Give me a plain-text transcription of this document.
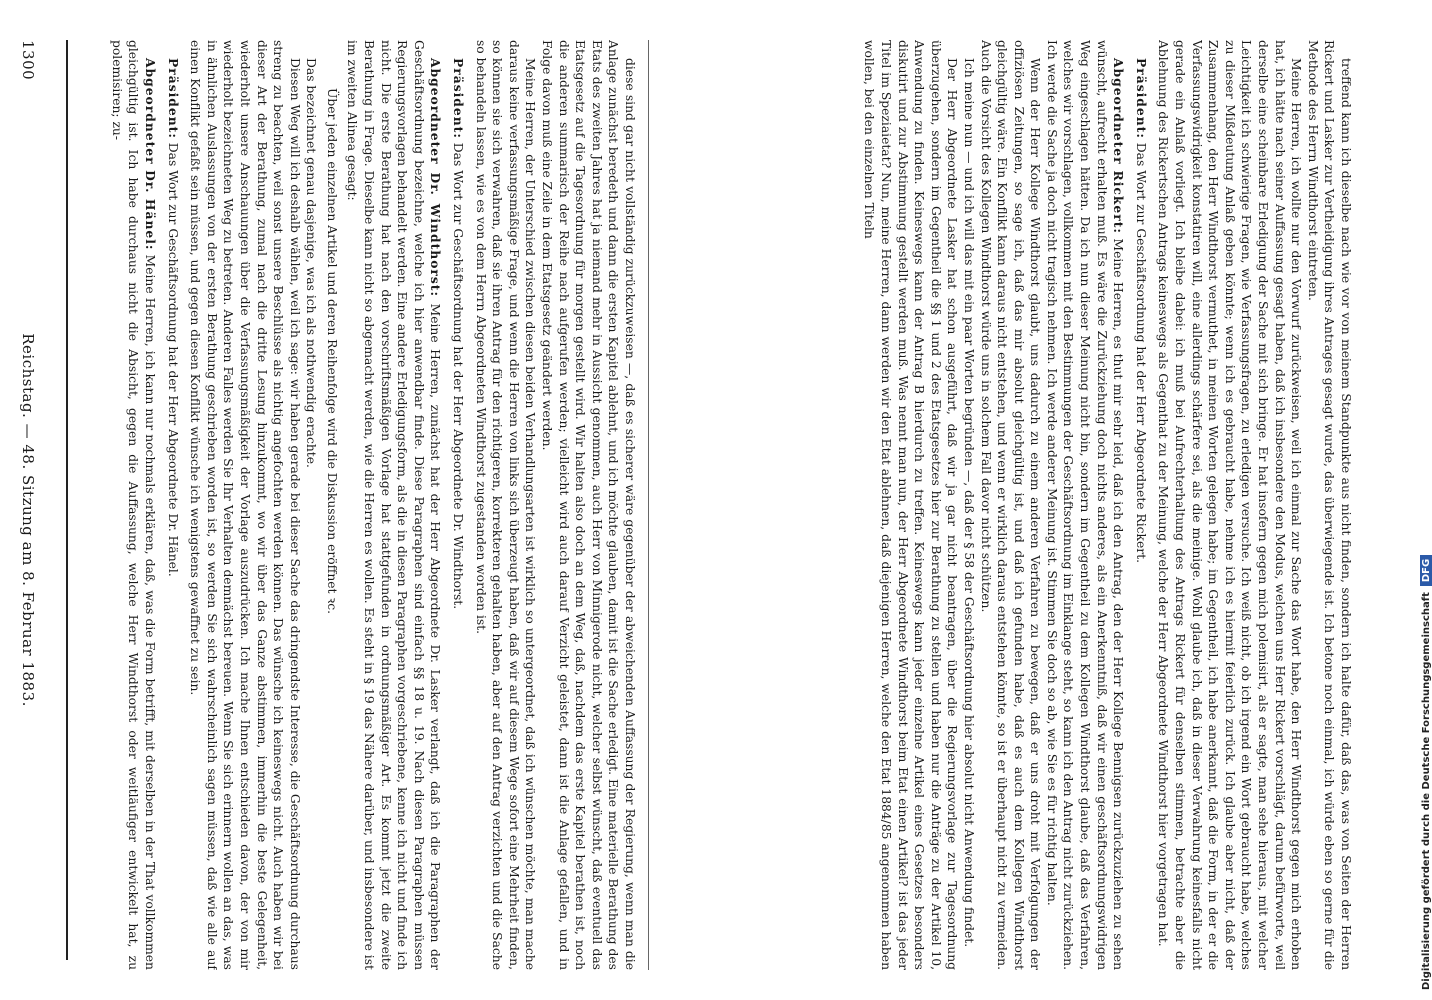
1300
Reichstag. — 48. Sitzung am 8. Februar 1883.	diese sind gar nicht vollständig zurückzuweisen —, daß es sicherer wäre gegenüber der abweichenden Auffassung der Regierung, wenn man die Anlage zunächst beredeth und dann die ersten Kapitel ablehnt, und ich möchte glauben, damit ist die Sache erledigt. Eine materielle Berathung des Etats des zweiten Jahres hat ja niemand mehr in Aussicht genommen, auch Herr von Minnigerode nicht, welcher selbst wünscht, daß eventuell das Etatsgesetz auf die Tagesordnung für morgen gestellt wird. Wir halten also doch an dem Weg, daß, nachdem das erste Kapitel berathen ist, noch die anderen summarisch der Reihe nach aufgerufen werden; vielleicht wird auch darauf Verzicht geleistet, dann ist die Anlage gefallen, und in Folge davon muß eine Zeile in dem Etatsgesetz geändert werden.

Meine Herren, der Unterschied zwischen diesen beiden Verhandlungsarten ist wirklich so untergeordnet, daß ich wünschen möchte, man mache daraus keine verfassungsmäßige Frage, und wenn die Herren von links sich überzeugt haben, daß wir auf diesem Wege sofort eine Mehrheit finden, so können sie sich verwahren, daß sie ihren Antrag für den richtigeren, korrekteren gehalten haben, aber auf den Antrag verzichten und die Sache so behandeln lassen, wie es von dem Herrn Abgeordneten Windthorst zugestanden worden ist.

Präsident: Das Wort zur Geschäftsordnung hat der Herr Abgeordnete Dr. Windthorst.

Abgeordneter Dr. Windthorst: Meine Herren, zunächst hat der Herr Abgeordnete Dr. Lasker verlangt, daß ich die Paragraphen der Geschäftsordnung bezeichne, welche ich hier anwendbar finde. Diese Paragraphen sind einfach §§ 18 u. 19. Nach diesen Paragraphen müssen Regierungsvorlagen behandelt werden. Eine andere Erledigungsform, als die in diesen Paragraphen vorgeschriebene, kenne ich nicht und finde ich nicht. Die erste Berathung hat nach den vorschriftsmäßigen Vorlage hat stattgefunden in ordnungsmäßiger Art. Es kommt jetzt die zweite Berathung in Frage. Dieselbe kann nicht so abgemacht werden, wie die Herren es wollen. Es steht in § 19 das Nähere darüber, und insbesondere ist im zweiten Alinea gesagt:

Über jeden einzelnen Artikel und deren Reihenfolge wird die Diskussion eröffnet ꝛc.

Das bezeichnet genau dasjenige, was ich als nothwendig erachte.

Diesen Weg will ich deshalb wählen, weil ich sage: wir haben gerade bei dieser Sache das dringendste Interesse, die Geschäftsordnung durchaus streng zu beachten, weil sonst unsere Beschlüsse als nichtig angefochten werden können. Das wünsche ich keineswegs nicht. Auch haben wir bei dieser Art der Berathung, zumal nach die dritte Lesung hinzukommt, wo wir über das Ganze abstimmen, immerhin die beste Gelegenheit, wiederholt unsere Anschauungen über die Verfassungsmäßigkeit der Vorlage auszudrücken. Ich mache Ihnen entschieden davon, der von mir wiederholt bezeichneten Weg zu betreten. Anderen Falles werden Sie Ihr Verhalten demnächst bereuen. Wenn Sie sich erinnern wollen an das, was in ähnlichen Auslassungen von der ersten Berathung geschrieben worden ist, so werden Sie sich wahrscheinlich sagen müssen, daß wie alle auf einen Konflikt gefaßt sein müssen, und gegen diesen Konflikt wünsche ich wenigstens gewaffnet zu sein.

Präsident: Das Wort zur Geschäftsordnung hat der Herr Abgeordnete Dr. Hänel.

Abgeordneter Dr. Hänel: Meine Herren, ich kann nur nochmals erklären, daß, was die Form betrifft, mit derselben in der That vollkommen gleichgültig ist. Ich habe durchaus nicht die Absicht, gegen die Auffassung, welche Herr Windthorst oder weitläufiger entwickelt hat, zu polemisiren; zu-	treffend kann ich dieselbe nach wie vor von meinem Standpunkte aus nicht finden, sondern ich halte dafür, daß das, was von Seiten der Herren Rickert und Lasker zur Vertheidigung ihres Antrages gesagt wurde, das überwiegende ist. Ich betone noch einmal, ich würde eben so gerne für die Methode des Herrn Windthorst eintreten.

Meine Herren, ich wollte nur den Vorwurf zurückweisen, weil ich einmal zur Sache das Wort habe, den Herr Windthorst gegen mich erhoben hat, ich hätte nach seiner Auffassung gesagt haben, daß ich insbesondere den Modus, welchen uns Herr Rickert vorschlägt, darum befürworte, weil derselbe eine scheinbare Erledigung der Sache mit sich bringe. Er hat insofern gegen mich polemisirt, als er sagte, man sehe hieraus, mit welcher Leichtigkeit ich schwierige Fragen, wie Verfassungsfragen, zu erledigen versuche. Ich weiß nicht, ob ich irgend ein Wort gebraucht habe, welches zu dieser Mißdeutung Anlaß geben könnte; wenn ich es gebraucht habe, nehme ich es hiermit feierlich zurück. Ich glaube aber nicht, daß der Zusammenhang, den Herr Windthorst vermuthet, in meinen Worten gelegen habe; im Gegentheil, ich habe anerkannt, daß die Form, in der er die Verfassungswidrigkeit konstatiren will, eine allerdings schärfere sei, als die meinige. Wohl glaube ich, daß in dieser Verwahrung keinesfalls nicht gerade ein Anlaß vorliegt. Ich bleibe dabei: ich muß bei Aufrechterhaltung des Antrags Rickert für denselben stimmen, betrachte aber die Ablehnung des Rickertschen Antrags keineswegs als Gegenthat zu der Meinung, welche der Herr Abgeordnete Windthorst hier vorgetragen hat.

Präsident: Das Wort zur Geschäftsordnung hat der Herr Abgeordnete Rickert.

Abgeordneter Rickert: Meine Herren, es thut mir sehr leid, daß ich den Antrag, den der Herr Kollege Bennigsen zurückzuziehen zu sehen wünscht, aufrecht erhalten muß. Es wäre die Zurückziehung doch nichts anderes, als ein Anerkenntniß, daß wir einen geschäftsordnungswidrigen Weg eingeschlagen hätten. Da ich nun dieser Meinung nicht bin, sondern im Gegentheil zu dem Kollegen Windthorst glaube, daß das Verfahren, welches wir vorschlagen, vollkommen mit den Bestimmungen der Geschäftsordnung im Einklange steht, so kann ich den Antrag nicht zurückziehen. Ich werde die Sache ja doch nicht tragisch nehmen. Ich werde anderer Meinung ist. Stimmen Sie doch so ab, wie Sie es für richtig halten.

Wenn der Herr Kollege Windthorst glaubt, uns dadurch zu einem anderen Verfahren zu bewegen, daß er uns droht mit Verfolgungen der offiziösen Zeitungen, so sage ich, daß das mir absolut gleichgültig ist, und daß ich gefunden habe, daß es auch dem Kollegen Windthorst gleichgültig wäre. Ein Konflikt kann daraus nicht entstehen, und wenn er wirklich daraus entstehen könnte, so ist er überhaupt nicht zu vermeiden. Auch die Vorsicht des Kollegen Windthorst würde uns in solchem Fall davor nicht schützen.

Ich meine nun — und ich will das mit ein paar Worten begründen —, daß der § 58 der Geschäftsordnung hier absolut nicht Anwendung findet.

Der Herr Abgeordnete Lasker hat schon ausgeführt, daß wir ja gar nicht beantragen, über die Regierungsvorlage zur Tagesordnung überzugehen, sondern im Gegentheil die §§ 1 und 2 des Etatsgesetzes hier zur Berathung zu stellen und haben nur die Anträge zu der Artikel 10, Anwendung zu finden. Keineswegs kann der Antrag B hierdurch zu treffen. Keineswegs kann jeder einzelne Artikel eines Gesetzes besonders diskutirt und zur Abstimmung gestellt werden muß. Was nennt man nun, der Herr Abgeordnete Windthorst beim Etat einen Artikel? ist das jeder Titel im Speziaietat? Nun, meine Herren, dann werden wir den Etat ablehnen, daß diejenigen Herren, welche den Etat 1884/85 angenommen haben wollen, bei den einzelnen Titeln

Digitalisierung gefördert durch die Deutsche Forschungsgemeinschaft
DFG
